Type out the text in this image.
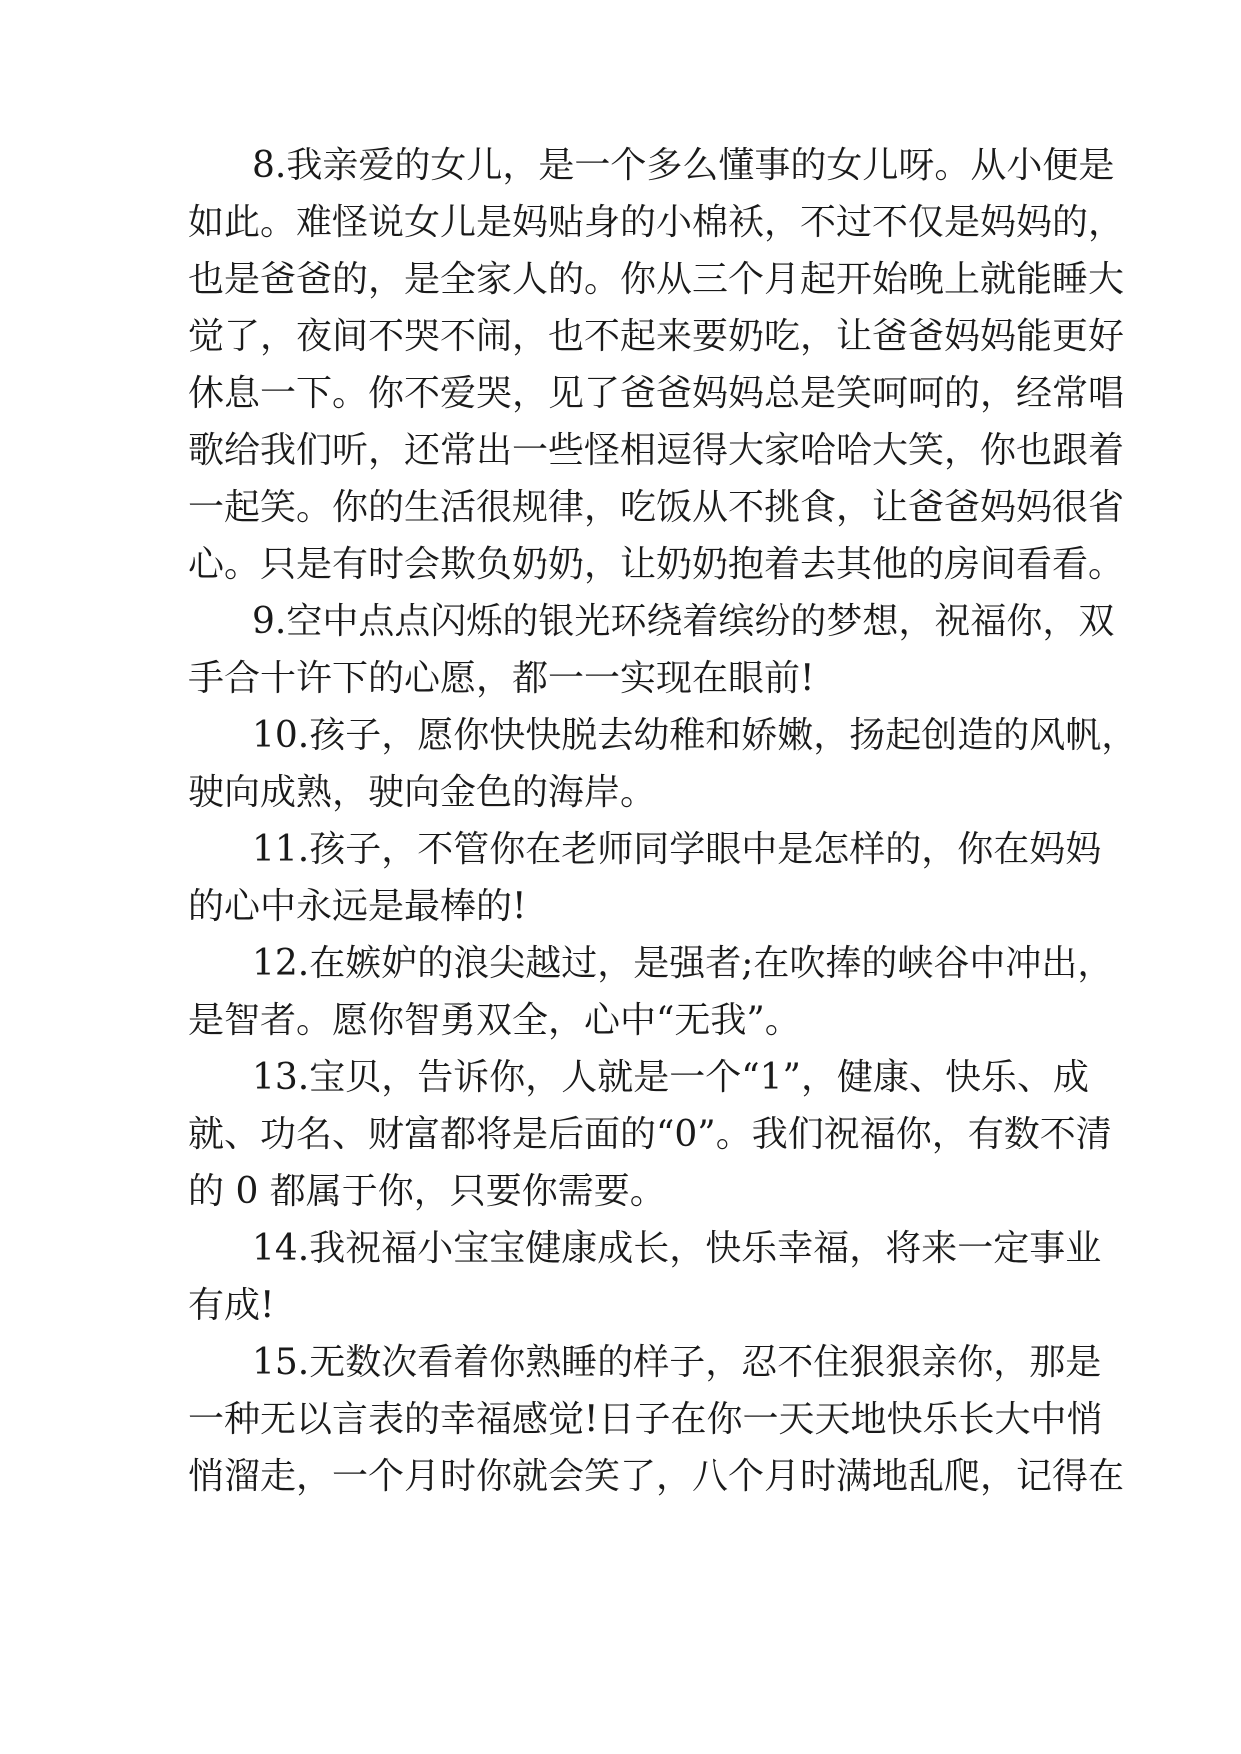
8.我亲爱的女儿，是一个多么懂事的女儿呀。从小便是

如此。难怪说女儿是妈贴身的小棉袄，不过不仅是妈妈的，

也是爸爸的，是全家人的。你从三个月起开始晚上就能睡大

觉了，夜间不哭不闹，也不起来要奶吃，让爸爸妈妈能更好

休息一下。你不爱哭，见了爸爸妈妈总是笑呵呵的，经常唱

歌给我们听，还常出一些怪相逗得大家哈哈大笑，你也跟着

一起笑。你的生活很规律，吃饭从不挑食，让爸爸妈妈很省

心。只是有时会欺负奶奶，让奶奶抱着去其他的房间看看。

9.空中点点闪烁的银光环绕着缤纷的梦想，祝福你，双

手合十许下的心愿，都一一实现在眼前!

10.孩子，愿你快快脱去幼稚和娇嫩，扬起创造的风帆，

驶向成熟，驶向金色的海岸。

11.孩子，不管你在老师同学眼中是怎样的，你在妈妈

的心中永远是最棒的!

12.在嫉妒的浪尖越过，是强者;在吹捧的峡谷中冲出，

是智者。愿你智勇双全，心中“无我”。

13.宝贝，告诉你，人就是一个“1”，健康、快乐、成

就、功名、财富都将是后面的“0”。我们祝福你，有数不清

的 0 都属于你，只要你需要。

14.我祝福小宝宝健康成长，快乐幸福，将来一定事业

有成!

15.无数次看着你熟睡的样子，忍不住狠狠亲你，那是

一种无以言表的幸福感觉!日子在你一天天地快乐长大中悄

悄溜走，一个月时你就会笑了，八个月时满地乱爬，记得在
